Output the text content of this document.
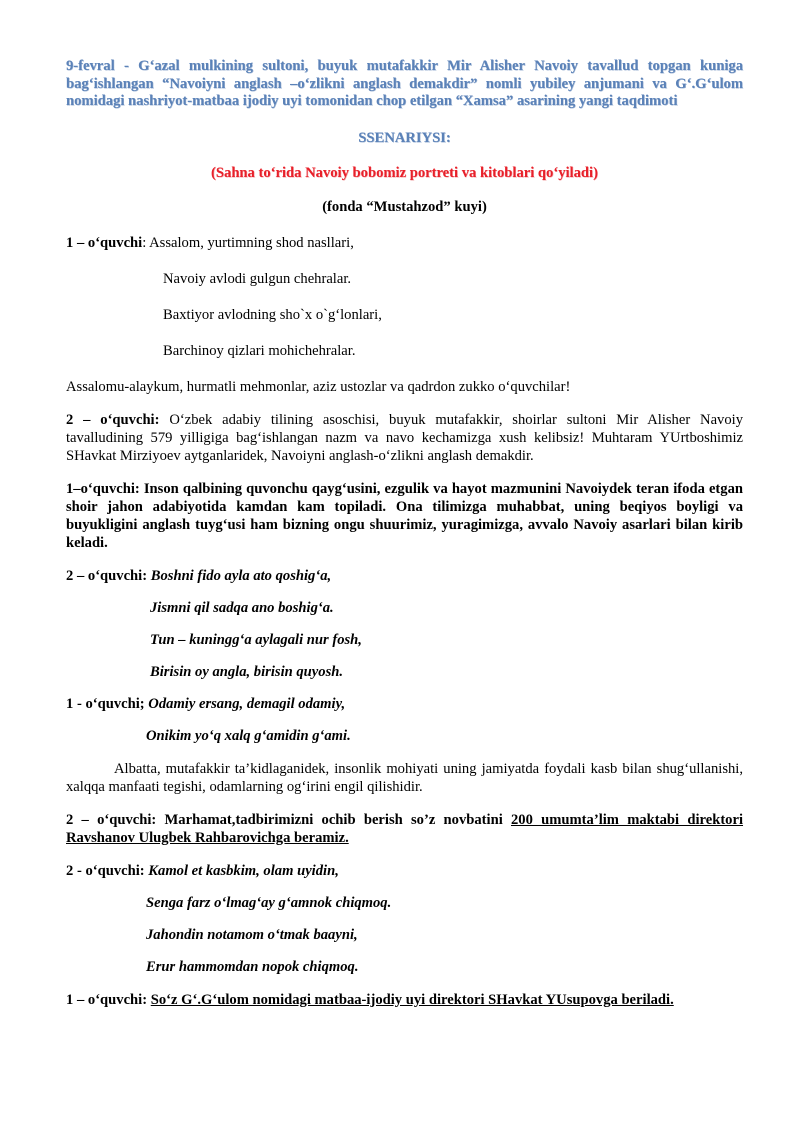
9-fevral - G‘azal mulkining sultoni, buyuk mutafakkir Mir Alisher Navoiy tavallud topgan kuniga bag‘ishlangan “Navoiyni anglash –o‘zlikni anglash demakdir” nomli yubiley anjumani va G‘.G‘ulom nomidagi nashriyot-matbaa ijodiy uyi tomonidan chop etilgan “Xamsa” asarining yangi taqdimoti

SSENARIYSI:

(Sahna to‘rida Navoiy bobomiz portreti va kitoblari qo‘yiladi)

(fonda “Mustahzod” kuyi)

1 – o‘quvchi: Assalom, yurtimning shod nasllari,

Navoiy avlodi gulgun chehralar.

Baxtiyor avlodning sho`x o`g‘lonlari,

Barchinoy qizlari mohichehralar.

Assalomu-alaykum, hurmatli mehmonlar, aziz ustozlar va qadrdon zukko o‘quvchilar!

2 – o‘quvchi: O‘zbek adabiy tilining asoschisi, buyuk mutafakkir, shoirlar sultoni Mir Alisher Navoiy tavalludining 579 yilligiga bag‘ishlangan nazm va navo kechamizga xush kelibsiz! Muhtaram YUrtboshimiz SHavkat Mirziyoev aytganlaridek, Navoiyni anglash-o‘zlikni anglash demakdir.

1–o‘quvchi: Inson qalbining quvonchu qayg‘usini, ezgulik va hayot mazmunini Navoiydek teran ifoda etgan shoir jahon adabiyotida kamdan kam topiladi. Ona tilimizga muhabbat, uning beqiyos boyligi va buyukligini anglash tuyg‘usi ham bizning ongu shuurimiz, yuragimizga, avvalo Navoiy asarlari bilan kirib keladi.

2 – o‘quvchi: Boshni fido ayla ato qoshig‘a,

Jismni qil sadqa ano boshig‘a.

Tun – kuningg‘a aylagali nur fosh,

Birisin oy angla, birisin quyosh.

1 - o‘quvchi; Odamiy ersang, demagil odamiy,

Onikim yo‘q xalq g‘amidin g‘ami.

Albatta, mutafakkir ta’kidlaganidek, insonlik mohiyati uning jamiyatda foydali kasb bilan shug‘ullanishi, xalqqa manfaati tegishi, odamlarning og‘irini engil qilishidir.

2 – o‘quvchi: Marhamat,tadbirimizni ochib berish so’z novbatini 200 umumta’lim maktabi direktori Ravshanov Ulugbek Rahbarovichga beramiz.

2 - o‘quvchi: Kamol et kasbkim, olam uyidin,

Senga farz o‘lmag‘ay g‘amnok chiqmoq.

Jahondin notamom o‘tmak baayni,

Erur hammomdan nopok chiqmoq.

1 – o‘quvchi: So‘z G‘.G‘ulom nomidagi matbaa-ijodiy uyi direktori SHavkat YUsupovga beriladi.
